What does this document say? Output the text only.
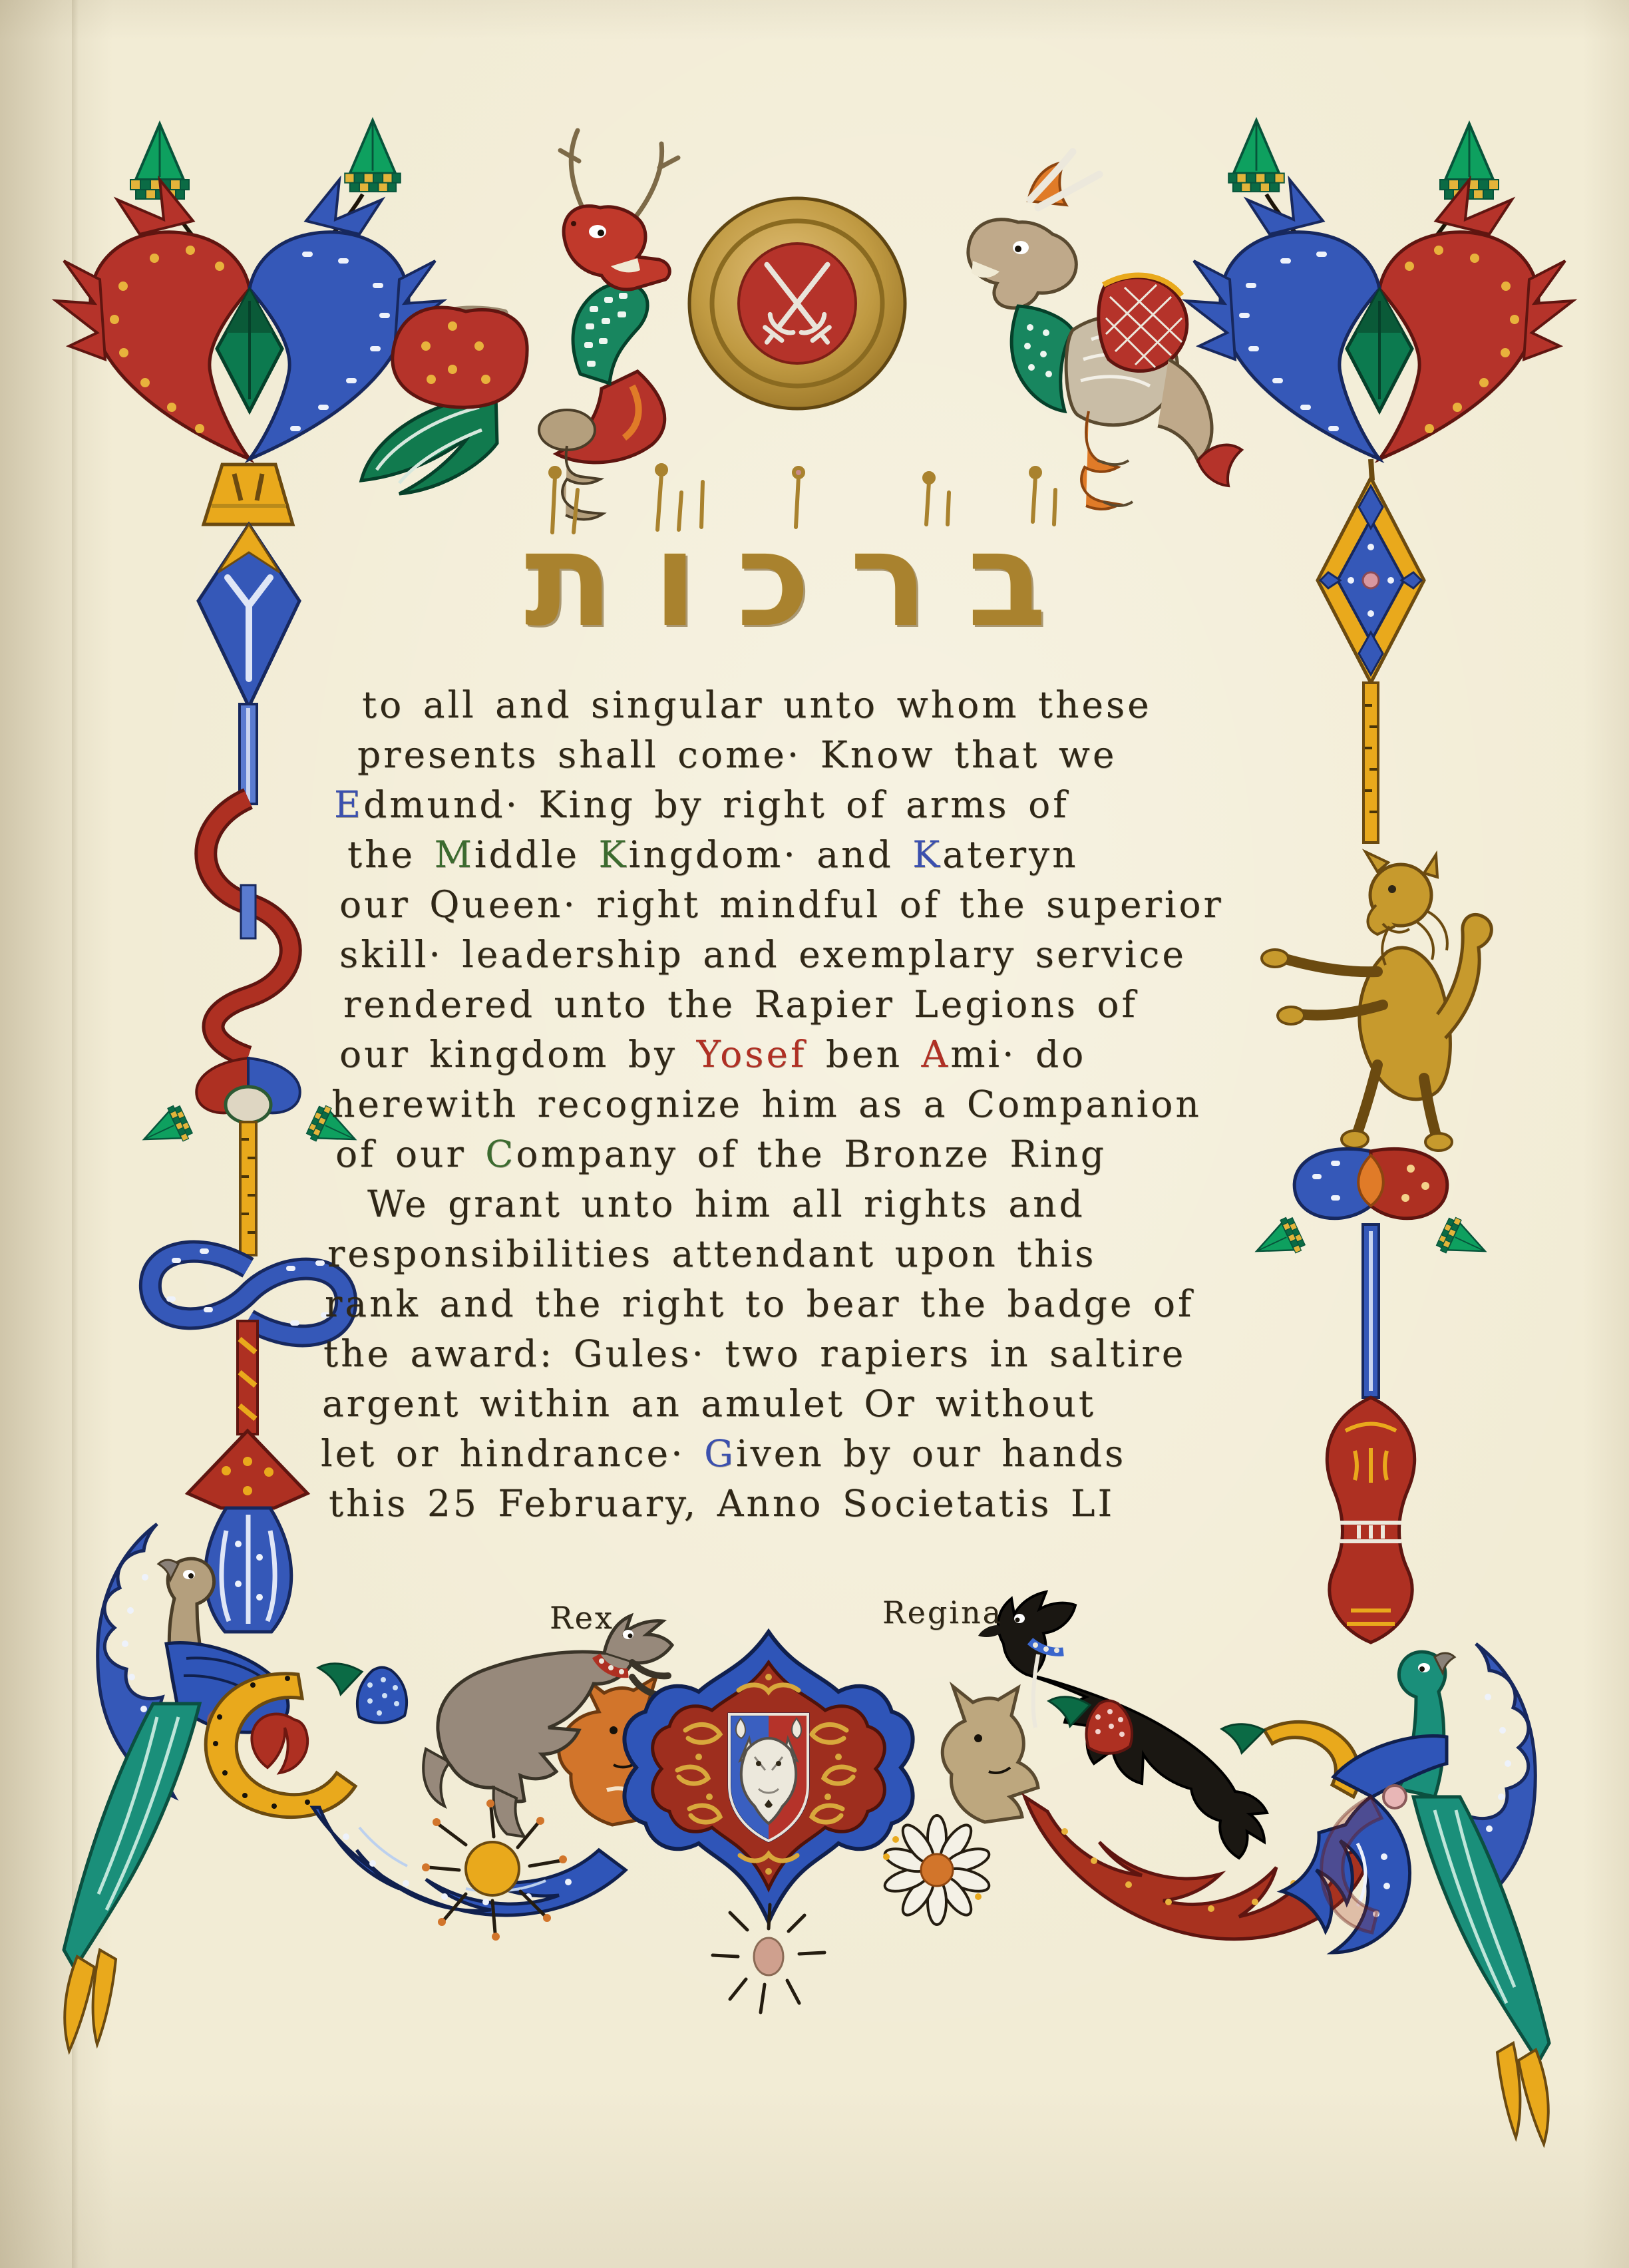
ברכות
to all and singular unto whom these
presents shall come· Know that we
Edmund· King by right of arms of
the Middle Kingdom· and Kateryn
our Queen· right mindful of the superior
skill· leadership and exemplary service
rendered unto the Rapier Legions of
our kingdom by Yosef ben Ami· do
herewith recognize him as a Companion
of our Company of the Bronze Ring
We grant unto him all rights and
responsibilities attendant upon this
rank and the right to bear the badge of
the award: Gules· two rapiers in saltire
argent within an amulet Or without
let or hindrance· Given by our hands
this 25 February, Anno Societatis LI
Rex	Regina
